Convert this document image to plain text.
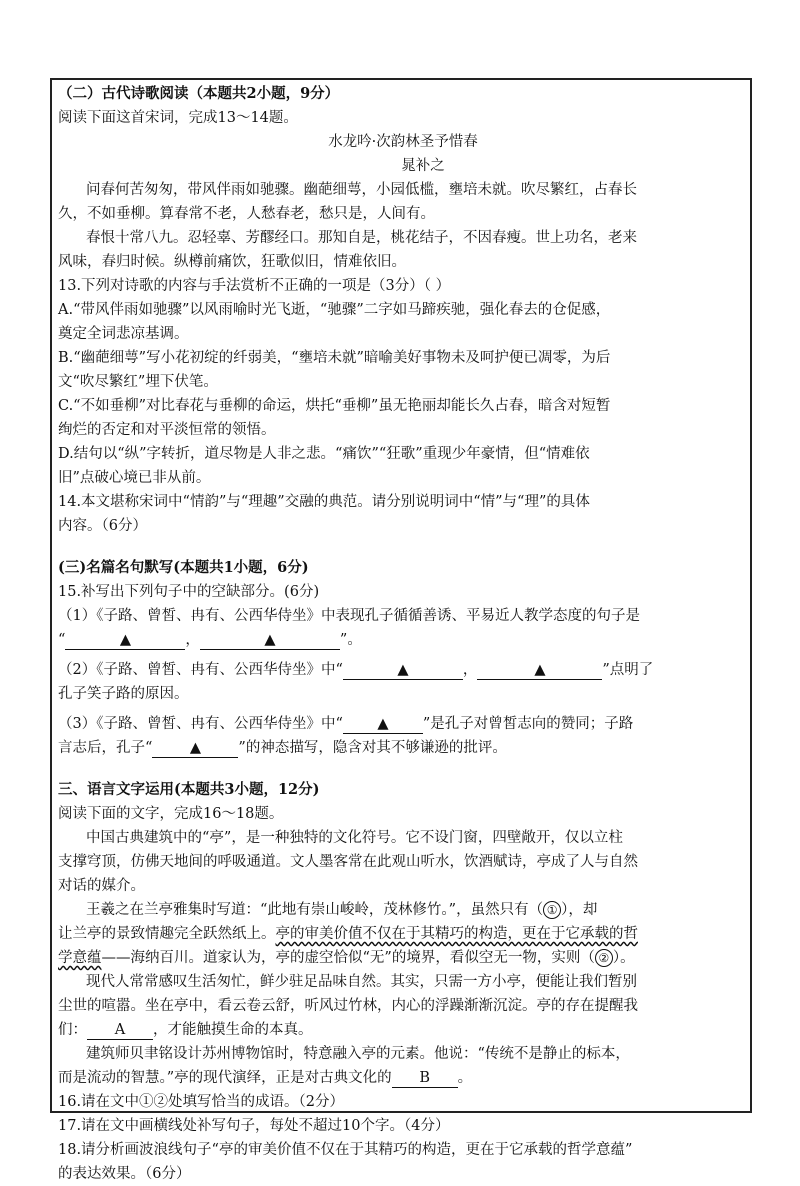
（二）古代诗歌阅读（本题共2小题，9分）
阅读下面这首宋词，完成13～14题。
水龙吟·次韵林圣予惜春
晁补之
问春何苦匆匆，带风伴雨如驰骤。幽葩细萼，小园低槛，壅培未就。吹尽繁红，占春长
久，不如垂柳。算春常不老，人愁春老，愁只是，人间有。
春恨十常八九。忍轻辜、芳醪经口。那知自是，桃花结子，不因春瘦。世上功名，老来
风味，春归时候。纵樽前痛饮，狂歌似旧，情难依旧。
13.下列对诗歌的内容与手法赏析不正确的一项是（3分）（ ）
A.“带风伴雨如驰骤”以风雨喻时光飞逝，“驰骤”二字如马蹄疾驰，强化春去的仓促感，
奠定全词悲凉基调。
B.“幽葩细萼”写小花初绽的纤弱美，“壅培未就”暗喻美好事物未及呵护便已凋零，为后
文“吹尽繁红”埋下伏笔。
C.“不如垂柳”对比春花与垂柳的命运，烘托“垂柳”虽无艳丽却能长久占春，暗含对短暂
绚烂的否定和对平淡恒常的领悟。
D.结句以“纵”字转折，道尽物是人非之悲。“痛饮”“狂歌”重现少年豪情，但“情难依
旧”点破心境已非从前。
14.本文堪称宋词中“情韵”与“理趣”交融的典范。请分别说明词中“情”与“理”的具体
内容。（6分）
(三)名篇名句默写(本题共1小题，6分)
15.补写出下列句子中的空缺部分。(6分)
（1）《子路、曾皙、冉有、公西华侍坐》中表现孔子循循善诱、平易近人教学态度的句子是
“	▲	，	▲	”。
（2）《子路、曾皙、冉有、公西华侍坐》中“	▲	，	▲	”点明了
孔子笑子路的原因。
（3）《子路、曾皙、冉有、公西华侍坐》中“ ▲ ”是孔子对曾皙志向的赞同；子路
言志后，孔子“	▲	”的神态描写，隐含对其不够谦逊的批评。
三、语言文字运用(本题共3小题，12分)
阅读下面的文字，完成16～18题。
中国古典建筑中的“亭”，是一种独特的文化符号。它不设门窗，四壁敞开，仅以立柱
支撑穹顶，仿佛天地间的呼吸通道。文人墨客常在此观山听水，饮酒赋诗，亭成了人与自然
对话的媒介。
王羲之在兰亭雅集时写道：“此地有崇山峻岭，茂林修竹。”，虽然只有（ ① ），却
让兰亭的景致情趣完全跃然纸上。亭的审美价值不仅在于其精巧的构造，更在于它承载的哲
学意蕴——海纳百川。道家认为，亭的虚空恰似“无”的境界，看似空无一物，实则（ ② ）。
现代人常常感叹生活匆忙，鲜少驻足品味自然。其实，只需一方小亭，便能让我们暂别
尘世的喧嚣。坐在亭中，看云卷云舒，听风过竹林，内心的浮躁渐渐沉淀。亭的存在提醒我
们： A ，才能触摸生命的本真。
建筑师贝聿铭设计苏州博物馆时，特意融入亭的元素。他说：“传统不是静止的标本，
而是流动的智慧。”亭的现代演绎，正是对古典文化的 B 。
16.请在文中①②处填写恰当的成语。（2分）
17.请在文中画横线处补写句子，每处不超过10个字。（4分）
18.请分析画波浪线句子“亭的审美价值不仅在于其精巧的构造，更在于它承载的哲学意蕴”
的表达效果。（6分）
